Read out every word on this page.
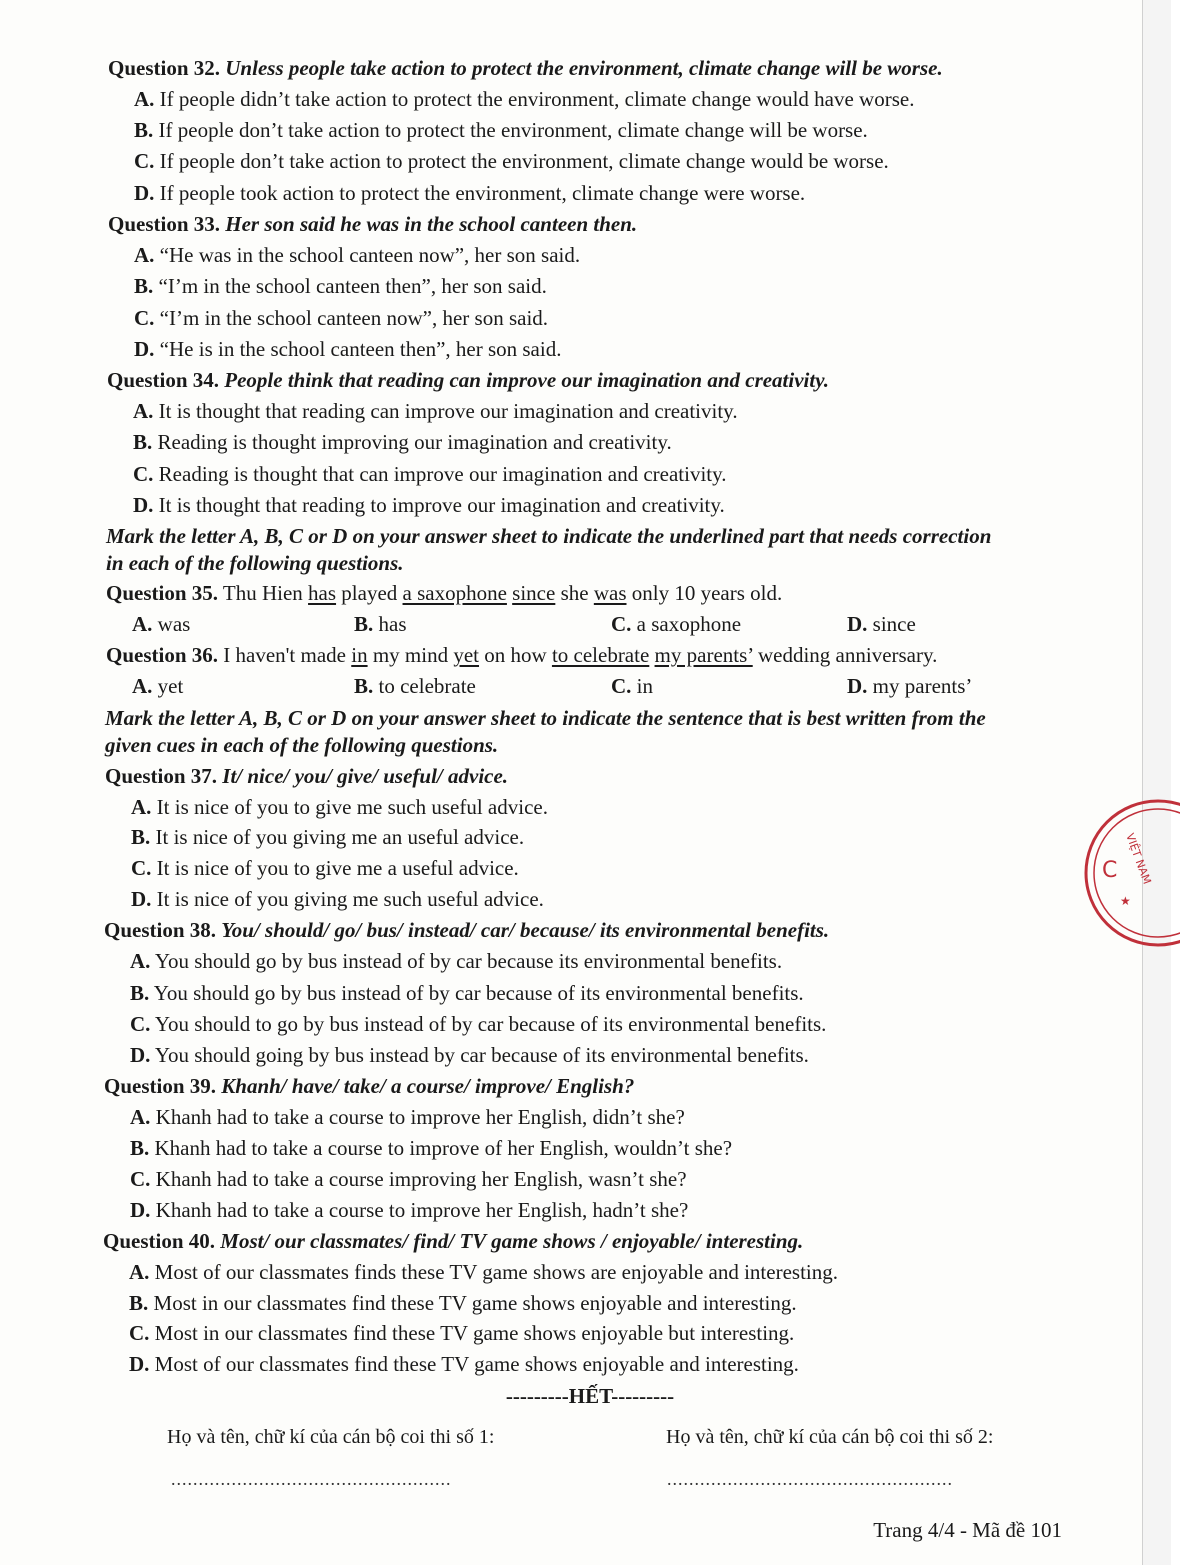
Question 32. Unless people take action to protect the environment, climate change will be worse.
A. If people didn’t take action to protect the environment, climate change would have worse.
B. If people don’t take action to protect the environment, climate change will be worse.
C. If people don’t take action to protect the environment, climate change would be worse.
D. If people took action to protect the environment, climate change were worse.
Question 33. Her son said he was in the school canteen then.
A. “He was in the school canteen now”, her son said.
B. “I’m in the school canteen then”, her son said.
C. “I’m in the school canteen now”, her son said.
D. “He is in the school canteen then”, her son said.
Question 34. People think that reading can improve our imagination and creativity.
A. It is thought that reading can improve our imagination and creativity.
B. Reading is thought improving our imagination and creativity.
C. Reading is thought that can improve our imagination and creativity.
D. It is thought that reading to improve our imagination and creativity.
Mark the letter A, B, C or D on your answer sheet to indicate the underlined part that needs correction
in each of the following questions.
Question 35. Thu Hien has played a saxophone since she was only 10 years old.
A. was	B. has	C. a saxophone	D. since
Question 36. I haven't made in my mind yet on how to celebrate my parents’ wedding anniversary.
A. yet	B. to celebrate	C. in	D. my parents’
Mark the letter A, B, C or D on your answer sheet to indicate the sentence that is best written from the
given cues in each of the following questions.
Question 37. It/ nice/ you/ give/ useful/ advice.
A. It is nice of you to give me such useful advice.
B. It is nice of you giving me an useful advice.
C. It is nice of you to give me a useful advice.
D. It is nice of you giving me such useful advice.
Question 38. You/ should/ go/ bus/ instead/ car/ because/ its environmental benefits.
A. You should go by bus instead of by car because its environmental benefits.
B. You should go by bus instead of by car because of its environmental benefits.
C. You should to go by bus instead of by car because of its environmental benefits.
D. You should going by bus instead by car because of its environmental benefits.
Question 39. Khanh/ have/ take/ a course/ improve/ English?
A. Khanh had to take a course to improve her English, didn’t she?
B. Khanh had to take a course to improve of her English, wouldn’t she?
C. Khanh had to take a course improving her English, wasn’t she?
D. Khanh had to take a course to improve her English, hadn’t she?
Question 40. Most/ our classmates/ find/ TV game shows / enjoyable/ interesting.
A. Most of our classmates finds these TV game shows are enjoyable and interesting.
B. Most in our classmates find these TV game shows enjoyable and interesting.
C. Most in our classmates find these TV game shows enjoyable but interesting.
D. Most of our classmates find these TV game shows enjoyable and interesting.
---------HẾT---------
Họ và tên, chữ kí của cán bộ coi thi số 1:	Họ và tên, chữ kí của cán bộ coi thi số 2:
...................................................	....................................................
Trang 4/4 - Mã đề 101
C VIỆT NAM
★
